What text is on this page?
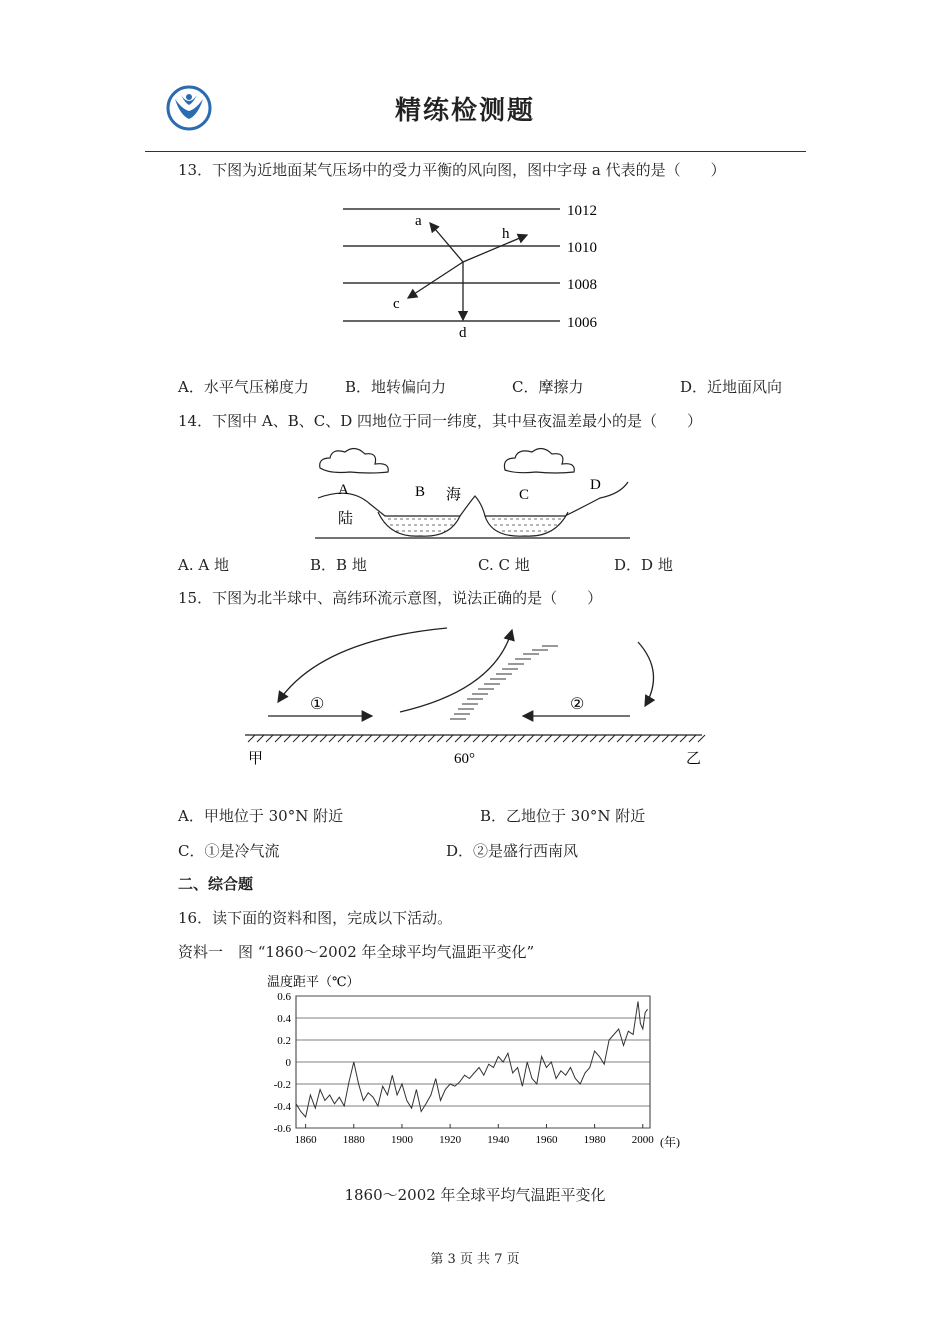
精练检测题
13．下图为近地面某气压场中的受力平衡的风向图，图中字母 a 代表的是（　　）
1012
1010
1008
1006
a
h
c
d
A．水平气压梯度力 B．地转偏向力	C．摩擦力	D．近地面风向
14．下图中 A、B、C、D 四地位于同一纬度，其中昼夜温差最小的是（　　）
A	B 海	C
D
陆
A. A 地	B．B 地	C. C 地	D．D 地
15．下图为北半球中、高纬环流示意图，说法正确的是（　　）
①	②
甲	60°	乙
A．甲地位于 30°N 附近	B．乙地位于 30°N 附近
C．①是冷气流	D．②是盛行西南风
二、综合题
16．读下面的资料和图，完成以下活动。
资料一　图 “1860～2002 年全球平均气温距平变化”
温度距平（℃）
0.6
0.4
0.2
0
-0.2
-0.4
-0.6
1860 1880 1900 1920 1940 1960 1980 2000 (年)
1860～2002 年全球平均气温距平变化
第 3 页 共 7 页
